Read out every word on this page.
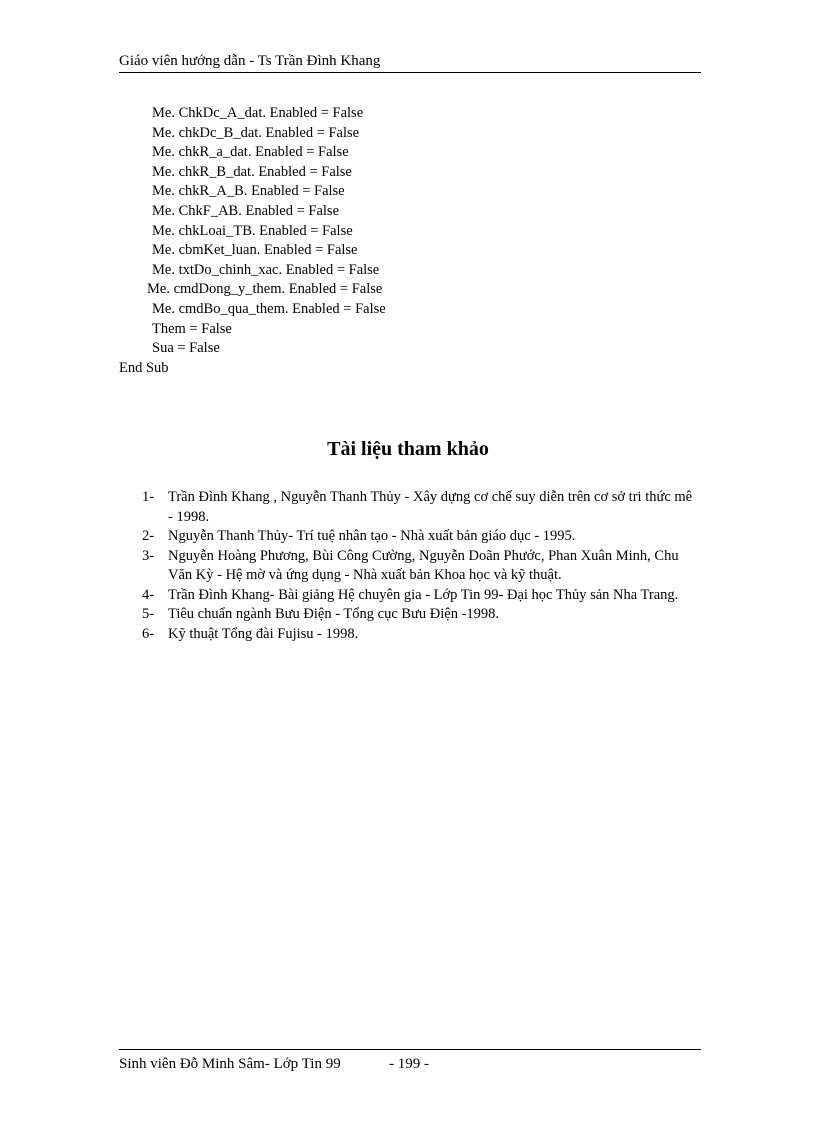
Giáo viên hướng dẫn - Ts Trần Đình Khang
Me. ChkDc_A_dat. Enabled = False
Me. chkDc_B_dat. Enabled = False
Me. chkR_a_dat. Enabled = False
Me. chkR_B_dat. Enabled = False
Me. chkR_A_B. Enabled = False
Me. ChkF_AB. Enabled = False
Me. chkLoai_TB. Enabled = False
Me. cbmKet_luan. Enabled = False
Me. txtDo_chinh_xac. Enabled = False
Me. cmdDong_y_them. Enabled = False
Me. cmdBo_qua_them. Enabled = False
Them = False
Sua = False
End Sub
Tài liệu tham khảo
1- Trần Đình Khang , Nguyễn Thanh Thủy - Xây dựng cơ chế suy diễn trên cơ sở tri thức mê - 1998.
2- Nguyễn Thanh Thủy- Trí tuệ nhân tạo - Nhà xuất bản giáo dục - 1995.
3- Nguyễn Hoàng Phương, Bùi Công Cường, Nguyễn Doãn Phước, Phan Xuân Minh, Chu Văn Kỳ - Hệ mờ và ứng dụng - Nhà xuất bản Khoa học và kỹ thuật.
4- Trần Đình Khang- Bài giảng Hệ chuyên gia - Lớp Tin 99- Đại học Thủy sản Nha Trang.
5- Tiêu chuẩn ngành Bưu Điện - Tổng cục Bưu Điện -1998.
6- Kỹ thuật Tổng đài Fujisu - 1998.
Sinh viên Đỗ Minh Sâm- Lớp Tin 99	- 199 -
